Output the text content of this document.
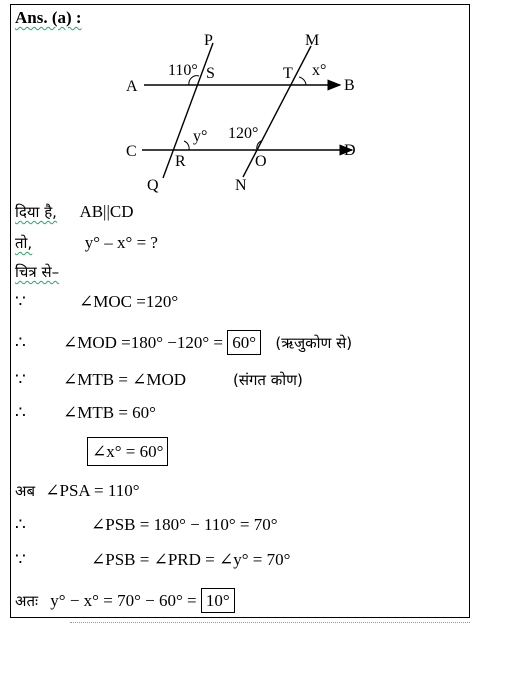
Ans. (a) :
P	M
A	B
C	D
S	T
R	O
Q	N
110°	x°
y° 120°
दिया है, AB||CD
तो,	y° – x° = ?
चित्र से–
∵	∠MOC =120°
∴ ∠MOD =180° −120° = 60° (ऋजुकोण से)
∵ ∠MTB = ∠MOD	(संगत कोण)
∴ ∠MTB = 60°
∠x° = 60°
अब ∠PSA = 110°
∴	∠PSB = 180° − 110° = 70°
∵	∠PSB = ∠PRD = ∠y° = 70°
अतः y° − x° = 70° − 60° = 10°
